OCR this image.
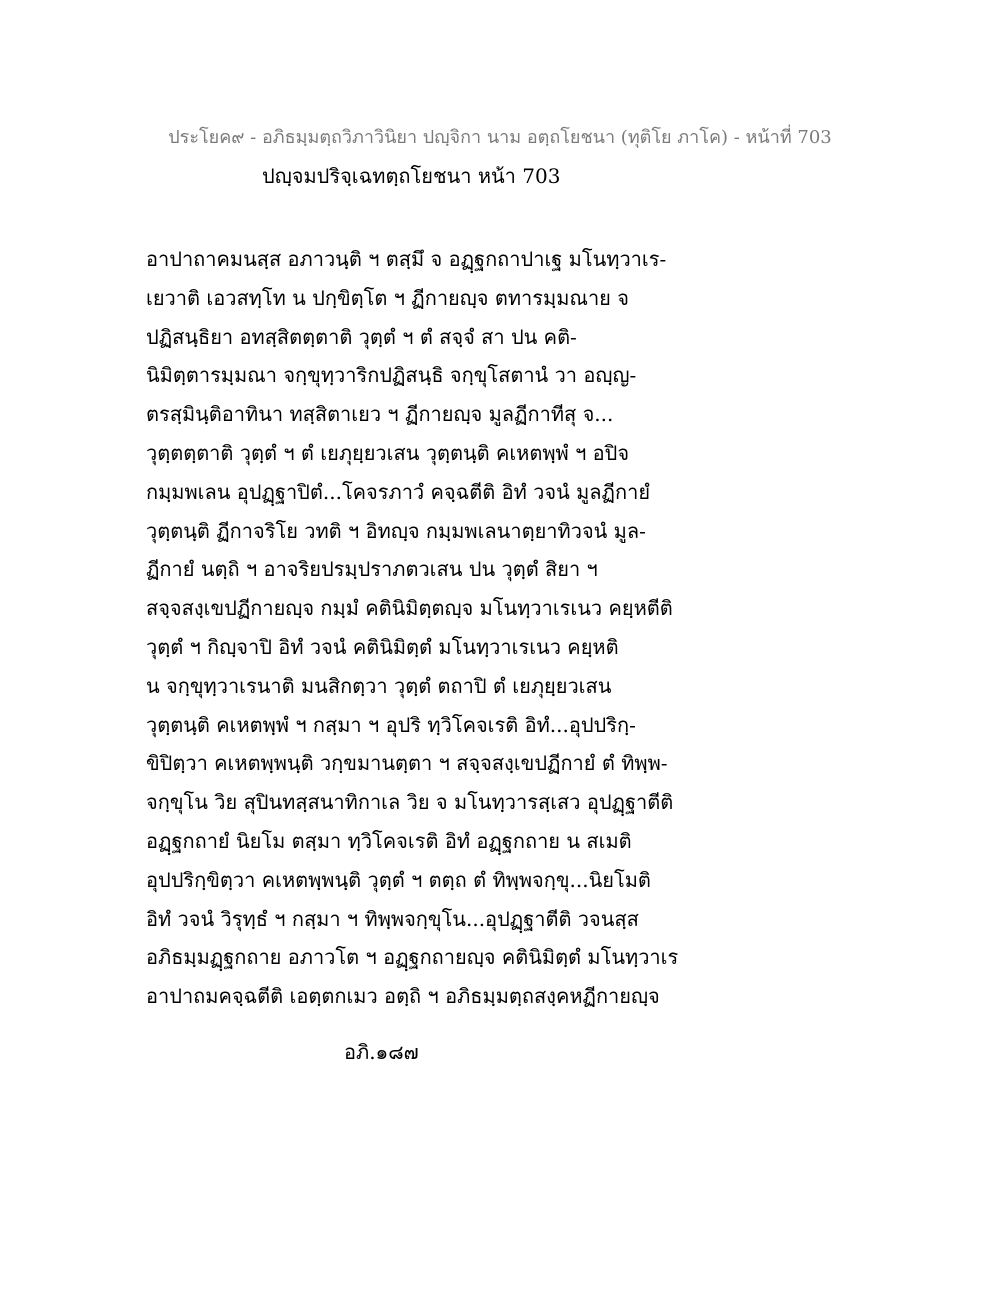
ประโยค๙ - อภิธมฺมตฺถวิภาวินิยา ปญฺจิกา นาม อตฺถโยชนา (ทุติโย ภาโค) - หน้าที่ 703
ปญฺจมปริจฺเฉทตฺถโยชนา หน้า 703
อาปาถาคมนสฺส อภาวนฺติ ฯ ตสฺมึ จ อฏฺฐกถาปาเฐ มโนทฺวาเร-
เยวาติ เอวสทฺโท น ปกฺขิตฺโต ฯ ฏีกายญฺจ ตทารมฺมณาย จ
ปฏิสนฺธิยา อทสฺสิตตฺตาติ วุตฺตํ ฯ ตํ สจฺจํ สา ปน คติ-
นิมิตฺตารมฺมณา จกฺขุทฺวาริกปฏิสนฺธิ จกฺขุโสตานํ วา อญฺญ-
ตรสฺมินฺติอาทินา ทสฺสิตาเยว ฯ ฏีกายญฺจ มูลฏีกาทีสุ จ...
วุตฺตตฺตาติ วุตฺตํ ฯ ตํ เยภุยฺยวเสน วุตฺตนฺติ คเหตพฺพํ ฯ อปิจ
กมฺมพเลน อุปฏฺฐาปิตํ...โคจรภาวํ คจฺฉตีติ อิทํ วจนํ มูลฏีกายํ
วุตฺตนฺติ ฏีกาจริโย วทติ ฯ อิทญฺจ กมฺมพเลนาตฺยาทิวจนํ มูล-
ฏีกายํ นตฺถิ ฯ อาจริยปรมฺปราภตวเสน ปน วุตฺตํ สิยา ฯ
สจฺจสงฺเขปฏีกายญฺจ กมฺมํ คตินิมิตฺตญฺจ มโนทฺวาเรเนว คยฺหตีติ
วุตฺตํ ฯ กิญฺจาปิ อิทํ วจนํ คตินิมิตฺตํ มโนทฺวาเรเนว คยฺหติ
น จกฺขุทฺวาเรนาติ มนสิกตฺวา วุตฺตํ ตถาปิ ตํ เยภุยฺยวเสน
วุตฺตนฺติ คเหตพฺพํ ฯ กสฺมา ฯ อุปริ ทฺวิโคจเรติ อิทํ...อุปปริกฺ-
ขิปิตฺวา คเหตพฺพนฺติ วกฺขมานตฺตา ฯ สจฺจสงฺเขปฏีกายํ ตํ ทิพฺพ-
จกฺขุโน วิย สุปินทสฺสนาทิกาเล วิย จ มโนทฺวารสฺเสว อุปฏฺฐาตีติ
อฏฺฐกถายํ นิยโม ตสฺมา ทฺวิโคจเรติ อิทํ อฏฺฐกถาย น สเมติ
อุปปริกฺขิตฺวา คเหตพฺพนฺติ วุตฺตํ ฯ ตตฺถ ตํ ทิพฺพจกฺขุ...นิยโมติ
อิทํ วจนํ วิรุทฺธํ ฯ กสฺมา ฯ ทิพฺพจกฺขุโน...อุปฏฺฐาตีติ วจนสฺส
อภิธมฺมฏฺฐกถาย อภาวโต ฯ อฏฺฐกถายญฺจ คตินิมิตฺตํ มโนทฺวาเร
อาปาถมคจฺฉตีติ เอตฺตกเมว อตฺถิ ฯ อภิธมฺมตฺถสงฺคหฏีกายญฺจ
อภิ.๑๘๗
